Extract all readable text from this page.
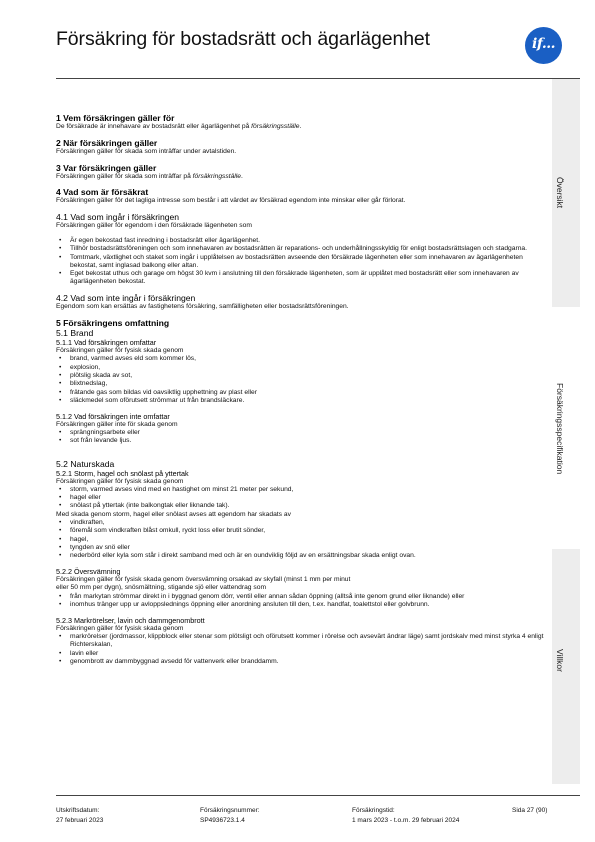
Försäkring för bostadsrätt och ägarlägenhet	if...
Översikt
Försäkringsspecifikation
Villkor

1 Vem försäkringen gäller för

De försäkrade är innehavare av bostadsrätt eller ägarlägenhet på försäkringsställe.

2 När försäkringen gäller

Försäkringen gäller för skada som inträffar under avtalstiden.

3 Var försäkringen gäller

Försäkringen gäller för skada som inträffar på försäkringsställe.

4 Vad som är försäkrat

Försäkringen gäller för det lagliga intresse som består i att värdet av försäkrad egendom inte minskar eller går förlorat.

4.1 Vad som ingår i försäkringen

Försäkringen gäller för egendom i den försäkrade lägenheten som

• Är egen bekostad fast inredning i bostadsrätt eller ägarlägenhet.
• Tillhör bostadsrättsföreningen och som innehavaren av bostadsrätten är reparations- och underhållningsskyldig för enligt bostadsrättslagen och stadgarna.
• Tomtmark, växtlighet och staket som ingår i upplåtelsen av bostadsrätten avseende den försäkrade lägenheten eller som innehavaren av ägarlägenheten bekostat, samt inglasad balkong eller altan.
• Eget bekostat uthus och garage om högst 30 kvm i anslutning till den försäkrade lägenheten, som är upplåtet med bostadsrätt eller som innehavaren av ägarlägenheten bekostat.

4.2 Vad som inte ingår i försäkringen

Egendom som kan ersättas av fastighetens försäkring, samfälligheten eller bostadsrättsföreningen.

5 Försäkringens omfattning

5.1 Brand

5.1.1 Vad försäkringen omfattar

Försäkringen gäller för fysisk skada genom

• brand, varmed avses eld som kommer lös,
• explosion,
• plötslig skada av sot,
• blixtnedslag,
• frätande gas som bildas vid oavsiktlig upphettning av plast eller
• släckmedel som oförutsett strömmar ut från brandsläckare.

5.1.2 Vad försäkringen inte omfattar

Försäkringen gäller inte för skada genom

• sprängningsarbete eller
• sot från levande ljus.

5.2 Naturskada

5.2.1 Storm, hagel och snölast på yttertak

Försäkringen gäller för fysisk skada genom

• storm, varmed avses vind med en hastighet om minst 21 meter per sekund,
• hagel eller
• snölast på yttertak (inte balkongtak eller liknande tak).

Med skada genom storm, hagel eller snölast avses att egendom har skadats av

• vindkraften,
• föremål som vindkraften blåst omkull, ryckt loss eller brutit sönder,
• hagel,
• tyngden av snö eller
• nederbörd eller kyla som står i direkt samband med och är en oundviklig följd av en ersättningsbar skada enligt ovan.

5.2.2 Översvämning

Försäkringen gäller för fysisk skada genom översvämning orsakad av skyfall (minst 1 mm per minut

eller 50 mm per dygn), snösmältning, stigande sjö eller vattendrag som

• från markytan strömmar direkt in i byggnad genom dörr, ventil eller annan sådan öppning (alltså inte genom grund eller liknande) eller
• inomhus tränger upp ur avloppslednings öppning eller anordning ansluten till den, t.ex. handfat, toalettstol eller golvbrunn.

5.2.3 Markrörelser, lavin och dammgenombrott

Försäkringen gäller för fysisk skada genom

• markrörelser (jordmassor, klippblock eller stenar som plötsligt och oförutsett kommer i rörelse och avsevärt ändrar läge) samt jordskalv med minst styrka 4 enligt Richterskalan,
• lavin eller
• genombrott av dammbyggnad avsedd för vattenverk eller branddamm.
Utskriftsdatum:
27 februari 2023
Försäkringsnummer:
SP4936723.1.4
Försäkringstid:
1 mars 2023 - t.o.m. 29 februari 2024
Sida 27 (90)
